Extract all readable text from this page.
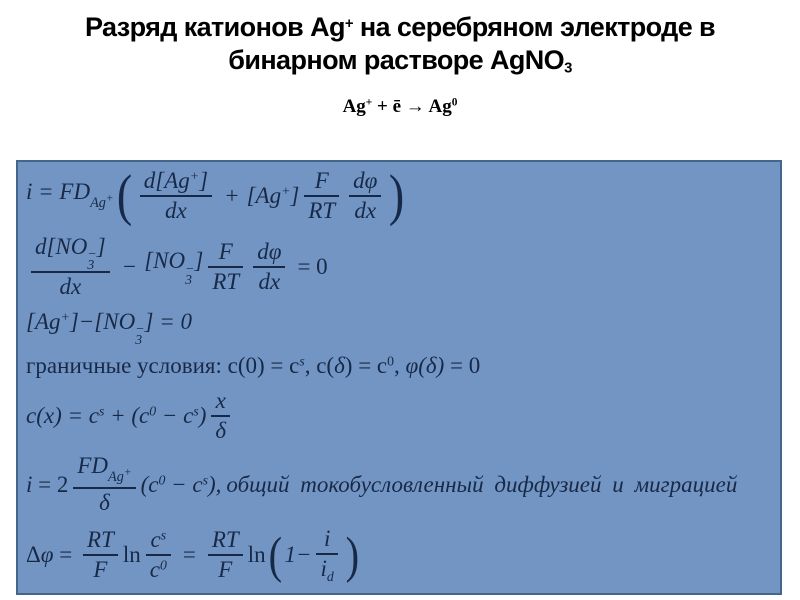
Разряд катионов Ag+ на серебряном электроде в
бинарном растворе AgNO$_3$
Ag+ + ē → $Ag^0$
$i = FD_{Ag^+}$ ( $\frac{d[Ag^+]}{dx} + [Ag^+] \frac{F}{RT} \frac{d\varphi}{dx}$ )
d[NO −
3
]
dx − [NO −
3
] $\frac{F}{RT} \frac{d\varphi}{dx} = 0$
[Ag+]−[NO −
3
] = 0
граничные условия: $c(0) = c^s$, $c(\delta) = c^0$, φ(δ) = 0
$c(x) = c^s + (c^0 - c^s) \frac{x}{\delta}$
$i = 2 \frac{FD_{Ag^+}}{\delta} (c^0 - c^s)$, общий токобусловленный диффузией и миграцией
$\Delta\varphi = \frac{RT}{F}$ $\ln \frac{c^s}{c^0} = \frac{RT}{F}$ ln ( $1- \frac{i}{i_d}$ )
